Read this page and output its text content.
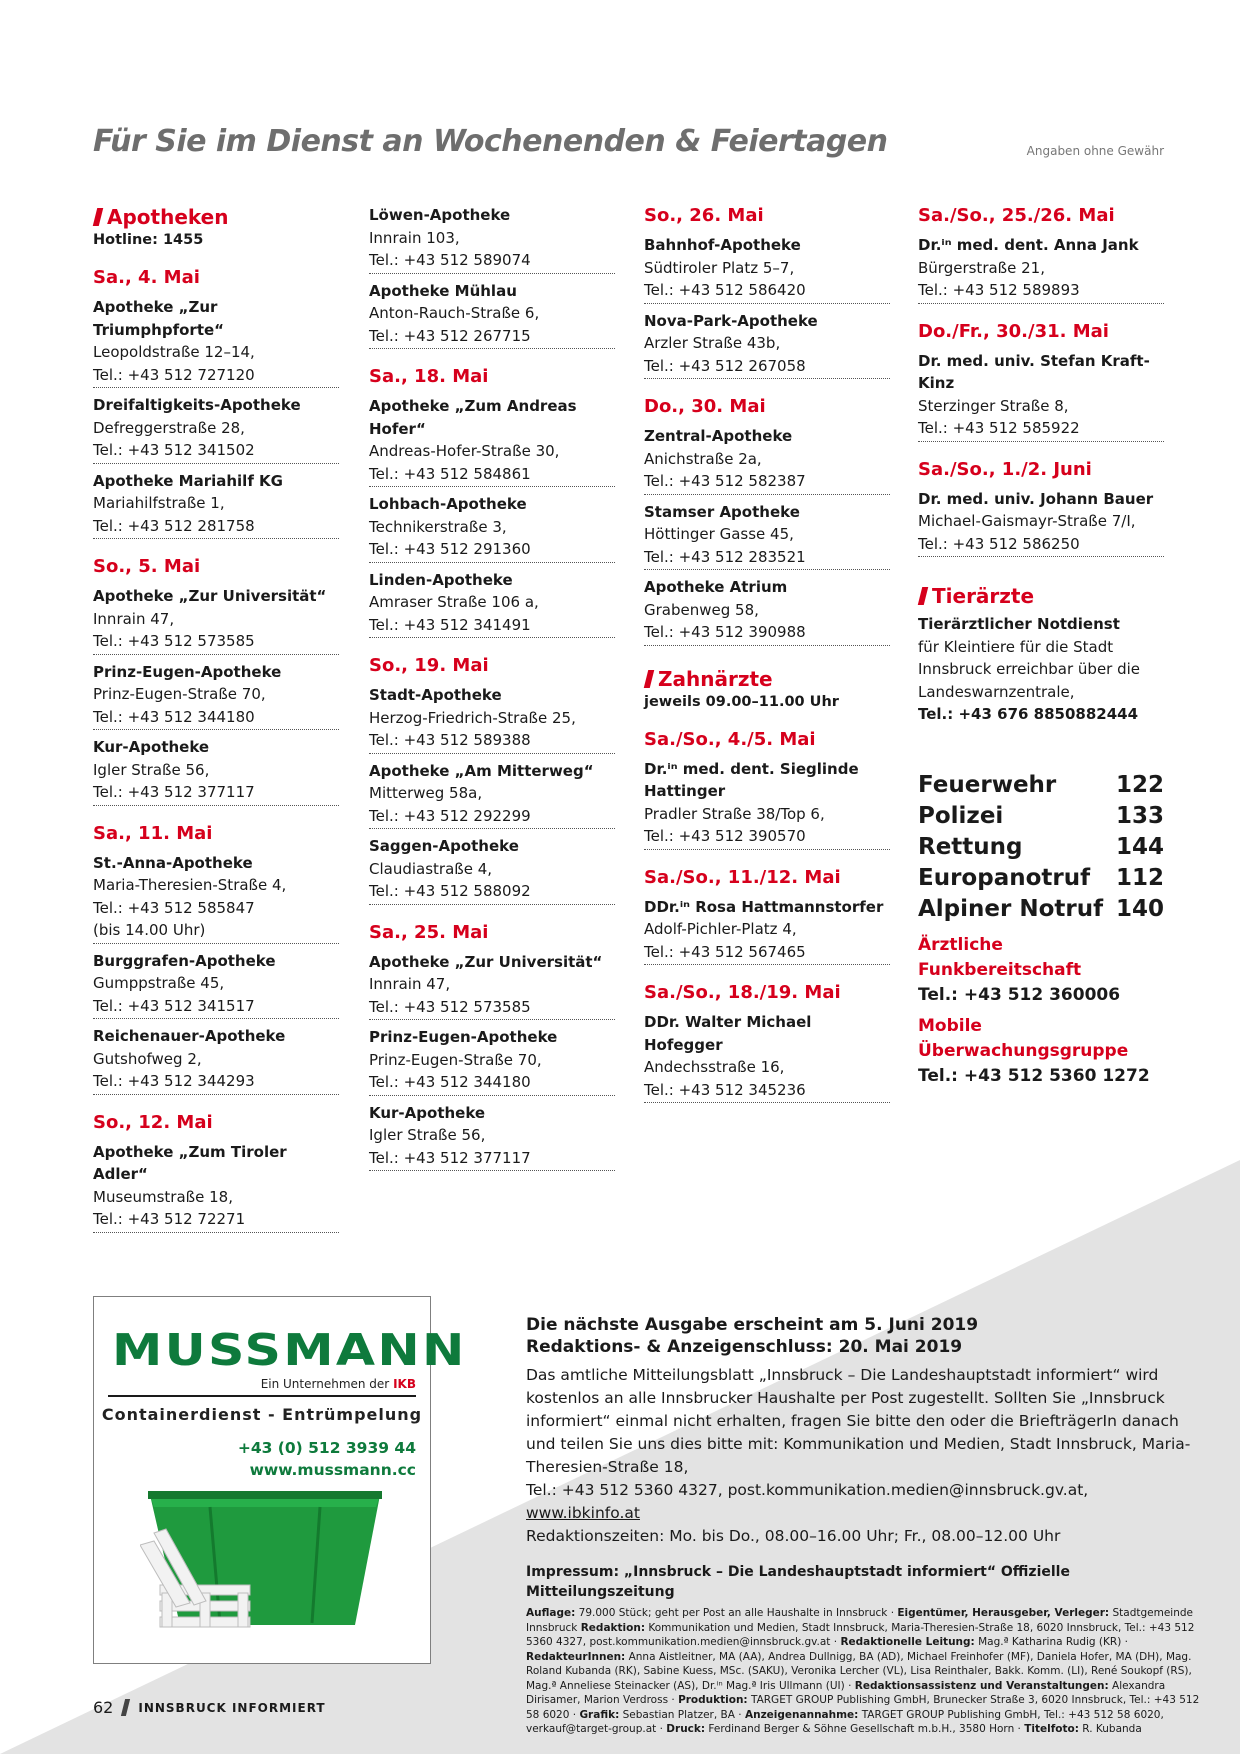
Für Sie im Dienst an Wochenenden & Feiertagen	Angaben ohne Gewähr
Apotheken
Hotline: 1455
Sa., 4. Mai
Apotheke „Zur Triumphpforte“
Leopoldstraße 12–14,
Tel.: +43 512 727120
Dreifaltigkeits-Apotheke
Defreggerstraße 28,
Tel.: +43 512 341502
Apotheke Mariahilf KG
Mariahilfstraße 1,
Tel.: +43 512 281758
So., 5. Mai
Apotheke „Zur Universität“
Innrain 47,
Tel.: +43 512 573585
Prinz-Eugen-Apotheke
Prinz-Eugen-Straße 70,
Tel.: +43 512 344180
Kur-Apotheke
Igler Straße 56,
Tel.: +43 512 377117
Sa., 11. Mai
St.-Anna-Apotheke
Maria-Theresien-Straße 4,
Tel.: +43 512 585847
(bis 14.00 Uhr)
Burggrafen-Apotheke
Gumppstraße 45,
Tel.: +43 512 341517
Reichenauer-Apotheke
Gutshofweg 2,
Tel.: +43 512 344293
So., 12. Mai
Apotheke „Zum Tiroler Adler“
Museumstraße 18,
Tel.: +43 512 72271
Löwen-Apotheke
Innrain 103,
Tel.: +43 512 589074
Apotheke Mühlau
Anton-Rauch-Straße 6,
Tel.: +43 512 267715
Sa., 18. Mai
Apotheke „Zum Andreas Hofer“
Andreas-Hofer-Straße 30,
Tel.: +43 512 584861
Lohbach-Apotheke
Technikerstraße 3,
Tel.: +43 512 291360
Linden-Apotheke
Amraser Straße 106 a,
Tel.: +43 512 341491
So., 19. Mai
Stadt-Apotheke
Herzog-Friedrich-Straße 25,
Tel.: +43 512 589388
Apotheke „Am Mitterweg“
Mitterweg 58a,
Tel.: +43 512 292299
Saggen-Apotheke
Claudiastraße 4,
Tel.: +43 512 588092
Sa., 25. Mai
Apotheke „Zur Universität“
Innrain 47,
Tel.: +43 512 573585
Prinz-Eugen-Apotheke
Prinz-Eugen-Straße 70,
Tel.: +43 512 344180
Kur-Apotheke
Igler Straße 56,
Tel.: +43 512 377117
So., 26. Mai
Bahnhof-Apotheke
Südtiroler Platz 5–7,
Tel.: +43 512 586420
Nova-Park-Apotheke
Arzler Straße 43b,
Tel.: +43 512 267058
Do., 30. Mai
Zentral-Apotheke
Anichstraße 2a,
Tel.: +43 512 582387
Stamser Apotheke
Höttinger Gasse 45,
Tel.: +43 512 283521
Apotheke Atrium
Grabenweg 58,
Tel.: +43 512 390988
Zahnärzte
jeweils 09.00–11.00 Uhr
Sa./So., 4./5. Mai
Dr.ⁱⁿ med. dent. Sieglinde Hattinger
Pradler Straße 38/Top 6,
Tel.: +43 512 390570
Sa./So., 11./12. Mai
DDr.ⁱⁿ Rosa Hattmannstorfer
Adolf-Pichler-Platz 4,
Tel.: +43 512 567465
Sa./So., 18./19. Mai
DDr. Walter Michael Hofegger
Andechsstraße 16,
Tel.: +43 512 345236
Sa./So., 25./26. Mai
Dr.ⁱⁿ med. dent. Anna Jank
Bürgerstraße 21,
Tel.: +43 512 589893
Do./Fr., 30./31. Mai
Dr. med. univ. Stefan Kraft-Kinz
Sterzinger Straße 8,
Tel.: +43 512 585922
Sa./So., 1./2. Juni
Dr. med. univ. Johann Bauer
Michael-Gaismayr-Straße 7/I,
Tel.: +43 512 586250
Tierärzte
Tierärztlicher Notdienst
für Kleintiere für die Stadt
Innsbruck erreichbar über die
Landeswarnzentrale,
Tel.: +43 676 8850882444
Feuerwehr	122
Polizei	133
Rettung	144
Europanotruf 112
Alpiner Notruf 140
Ärztliche Funkbereitschaft
Tel.: +43 512 360006
Mobile Überwachungsgruppe
Tel.: +43 512 5360 1272
MUSSMANN
Ein Unternehmen der IKB
Containerdienst - Entrümpelung
+43 (0) 512 3939 44
www.mussmann.cc
Die nächste Ausgabe erscheint am 5. Juni 2019
Redaktions- & Anzeigenschluss: 20. Mai 2019
Das amtliche Mitteilungsblatt „Innsbruck – Die Landeshauptstadt informiert“ wird kostenlos an alle Innsbrucker Haushalte per Post zugestellt. Sollten Sie „Innsbruck informiert“ einmal nicht erhalten, fragen Sie bitte den oder die BriefträgerIn danach und teilen Sie uns dies bitte mit: Kommunikation und Medien, Stadt Innsbruck, Maria-Theresien-Straße 18,
Tel.: +43 512 5360 4327, post.kommunikation.medien@innsbruck.gv.at, www.ibkinfo.at
Redaktionszeiten: Mo. bis Do., 08.00–16.00 Uhr; Fr., 08.00–12.00 Uhr
Impressum: „Innsbruck – Die Landeshauptstadt informiert“ Offizielle Mitteilungszeitung
Auflage: 79.000 Stück; geht per Post an alle Haushalte in Innsbruck · Eigentümer, Herausgeber, Verleger: Stadtgemeinde Innsbruck Redaktion: Kommunikation und Medien, Stadt Innsbruck, Maria-Theresien-Straße 18, 6020 Innsbruck, Tel.: +43 512 5360 4327, post.kommunikation.medien@innsbruck.gv.at · Redaktionelle Leitung: Mag.ª Katharina Rudig (KR) · RedakteurInnen: Anna Aistleitner, MA (AA), Andrea Dullnigg, BA (AD), Michael Freinhofer (MF), Daniela Hofer, MA (DH), Mag. Roland Kubanda (RK), Sabine Kuess, MSc. (SAKU), Veronika Lercher (VL), Lisa Reinthaler, Bakk. Komm. (LI), René Soukopf (RS), Mag.ª Anneliese Steinacker (AS), Dr.ⁱⁿ Mag.ª Iris Ullmann (UI) · Redaktionsassistenz und Veranstaltungen: Alexandra Dirisamer, Marion Verdross · Produktion: TARGET GROUP Publishing GmbH, Brunecker Straße 3, 6020 Innsbruck, Tel.: +43 512 58 6020 · Grafik: Sebastian Platzer, BA · Anzeigenannahme: TARGET GROUP Publishing GmbH, Tel.: +43 512 58 6020, verkauf@target-group.at · Druck: Ferdinand Berger & Söhne Gesellschaft m.b.H., 3580 Horn · Titelfoto: R. Kubanda
62 INNSBRUCK INFORMIERT
